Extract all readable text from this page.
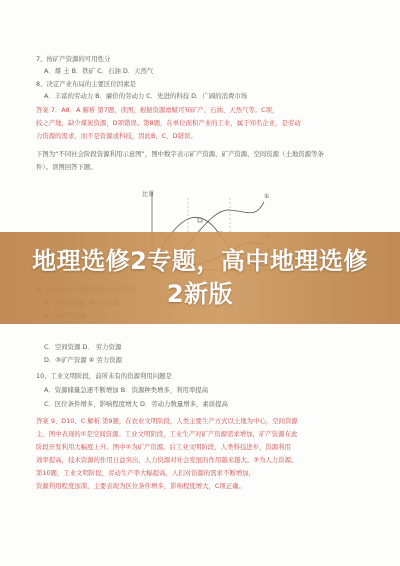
7、按矿产资源的可用性分
A．煤 土 B．铁矿 C．石油 D．天然气
8、决定产业布局的主要区位因素是
A．丰富的劳动力 B．廉价的劳动力 C．先进的科技 D．广阔的消费市场
答案 7．A8．A 解析 第7题，读图，根据资源禀赋可知矿产、石油、天然气等。C项，
较之产地，缺少煤炭资源，D项错误。第8题，在单位面积产业的工业，属于知名企业，是劳动
力资源的需求，而不是资源或科技，因此B、C、D错误。
下图为“不同社会阶段资源利用示意图”，图中数字表示矿产资源、矿产资源、空间资源（土地资源等条
件）。读图回答下题。
比重	①
C．空间资源 D． 劳力资源
D．③矿产资源 ④ 劳力资源
10、工业文明阶段，前所未有的资源利用问题是
A．资源储量急速不断增加 B．资源种类增多，利用率提高
C．区位条件增多，影响程度增大 D．劳动力数量增多，素质提高
答案 9、D10、C 解析 第9题，在农业文明阶段，人类主要生产方式以土地为中心，空间资源
主，图中表现的①是空间资源。工业文明阶段，工业生产对矿产资源需求增加，矿产资源在此
阶段开发利用大幅度上升。图中②为矿产资源。后工业文明阶段，人类科技进步，资源利用
效率提高，技术资源的作用日益突出，人力资源对社会发展的作用越来越大。③为人力资源。
第10题，工业文明阶段，劳动生产率大幅提高，人们对资源的需求不断增加，
资源利用程度加深，主要表现为区位条件增多，影响程度增大，C项正确。
地理选修2专题，高中地理选修2新版
